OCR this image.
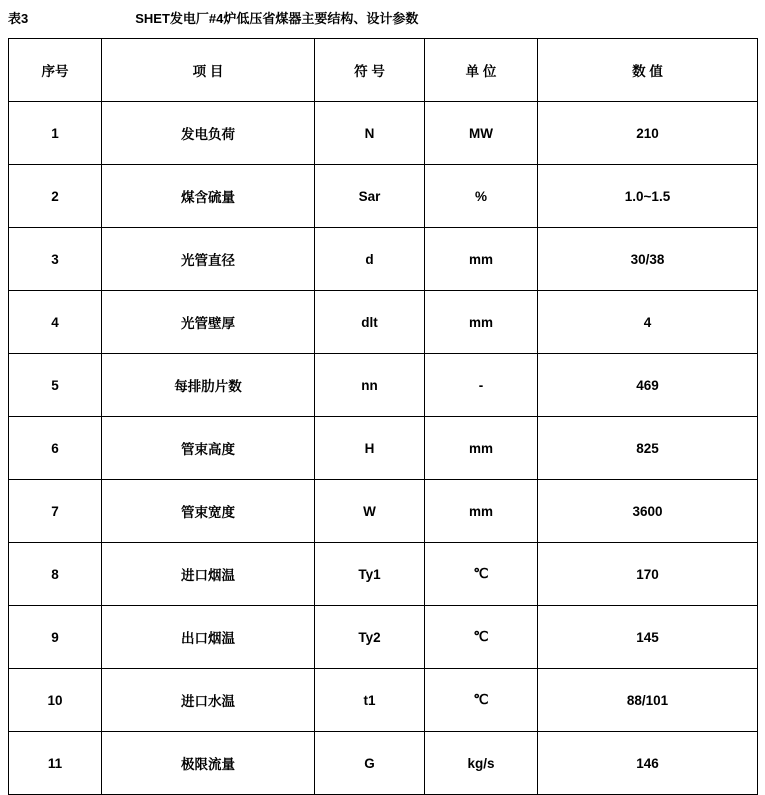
表3	SHET发电厂#4炉低压省煤器主要结构、设计参数
序号	项 目	符 号	单 位	数 值
1	发电负荷	N	MW	210
2	煤含硫量	Sar	%	1.0~1.5
3	光管直径	d	mm	30/38
4	光管壁厚	dlt	mm	4
5	每排肋片数	nn	-	469
6	管束高度	H	mm	825
7	管束宽度	W	mm	3600
8	进口烟温	Ty1	℃	170
9	出口烟温	Ty2	℃	145
10	进口水温	t1	℃	88/101
11	极限流量	G	kg/s	146
